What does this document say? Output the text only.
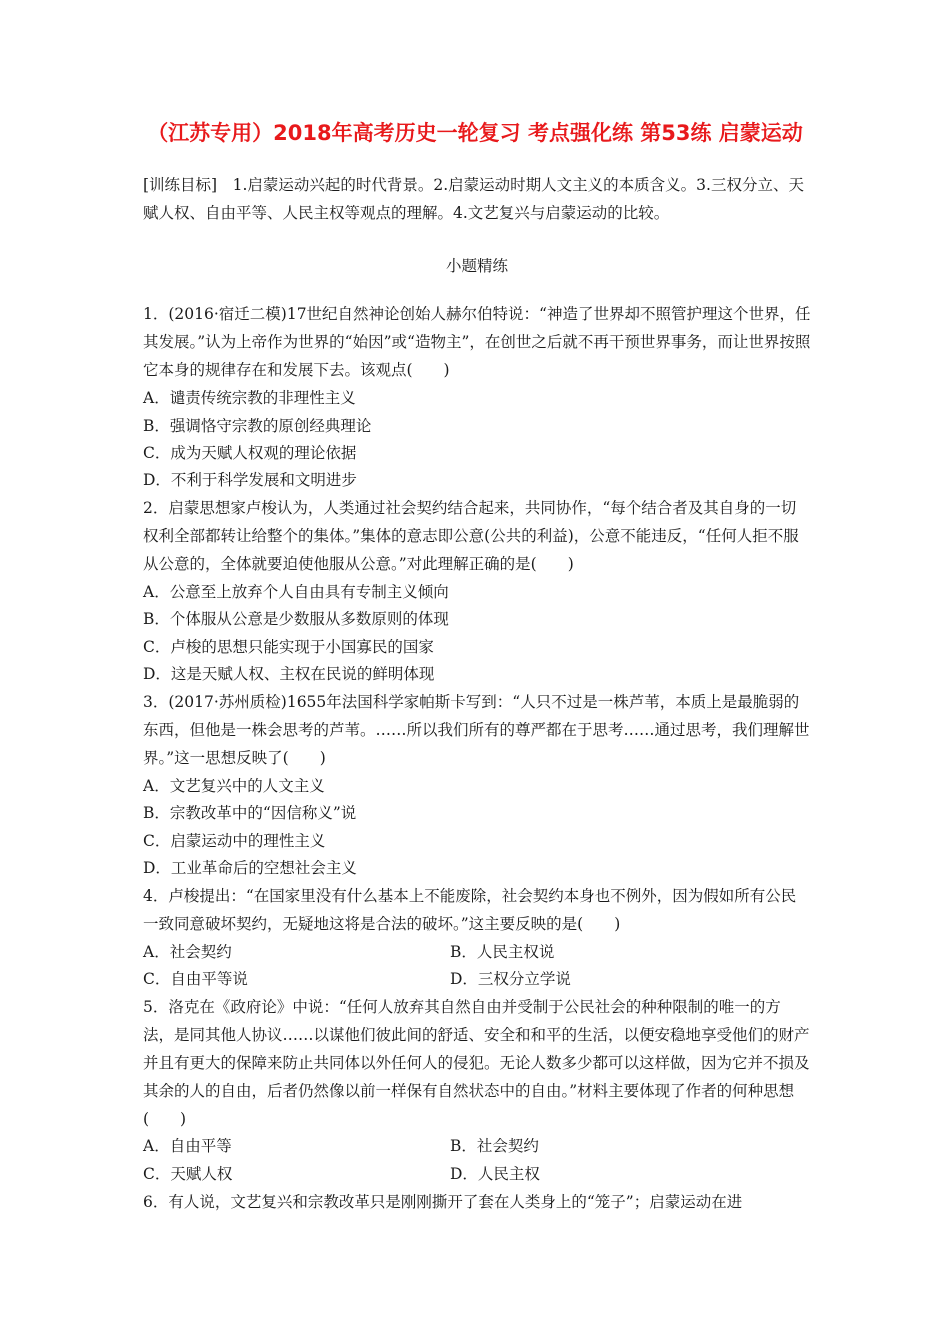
（江苏专用）2018年高考历史一轮复习 考点强化练 第53练 启蒙运动
[训练目标]　1.启蒙运动兴起的时代背景。2.启蒙运动时期人文主义的本质含义。3.三权分立、天赋人权、自由平等、人民主权等观点的理解。4.文艺复兴与启蒙运动的比较。
小题精练
1．(2016·宿迁二模)17世纪自然神论创始人赫尔伯特说：“神造了世界却不照管护理这个世界，任其发展。”认为上帝作为世界的“始因”或“造物主”，在创世之后就不再干预世界事务，而让世界按照它本身的规律存在和发展下去。该观点(　　)
A．谴责传统宗教的非理性主义
B．强调恪守宗教的原创经典理论
C．成为天赋人权观的理论依据
D．不利于科学发展和文明进步
2．启蒙思想家卢梭认为，人类通过社会契约结合起来，共同协作，“每个结合者及其自身的一切权利全部都转让给整个的集体。”集体的意志即公意(公共的利益)，公意不能违反，“任何人拒不服从公意的，全体就要迫使他服从公意。”对此理解正确的是(　　)
A．公意至上放弃个人自由具有专制主义倾向
B．个体服从公意是少数服从多数原则的体现
C．卢梭的思想只能实现于小国寡民的国家
D．这是天赋人权、主权在民说的鲜明体现
3．(2017·苏州质检)1655年法国科学家帕斯卡写到：“人只不过是一株芦苇，本质上是最脆弱的东西，但他是一株会思考的芦苇。……所以我们所有的尊严都在于思考……通过思考，我们理解世界。”这一思想反映了(　　)
A．文艺复兴中的人文主义
B．宗教改革中的“因信称义”说
C．启蒙运动中的理性主义
D．工业革命后的空想社会主义
4．卢梭提出：“在国家里没有什么基本上不能废除，社会契约本身也不例外，因为假如所有公民一致同意破坏契约，无疑地这将是合法的破坏。”这主要反映的是(　　)
A．社会契约	B．人民主权说
C．自由平等说	D．三权分立学说
5．洛克在《政府论》中说：“任何人放弃其自然自由并受制于公民社会的种种限制的唯一的方法，是同其他人协议……以谋他们彼此间的舒适、安全和和平的生活，以便安稳地享受他们的财产并且有更大的保障来防止共同体以外任何人的侵犯。无论人数多少都可以这样做，因为它并不损及其余的人的自由，后者仍然像以前一样保有自然状态中的自由。”材料主要体现了作者的何种思想(　　)
A．自由平等	B．社会契约
C．天赋人权	D．人民主权
6．有人说，文艺复兴和宗教改革只是刚刚撕开了套在人类身上的“笼子”；启蒙运动在进
